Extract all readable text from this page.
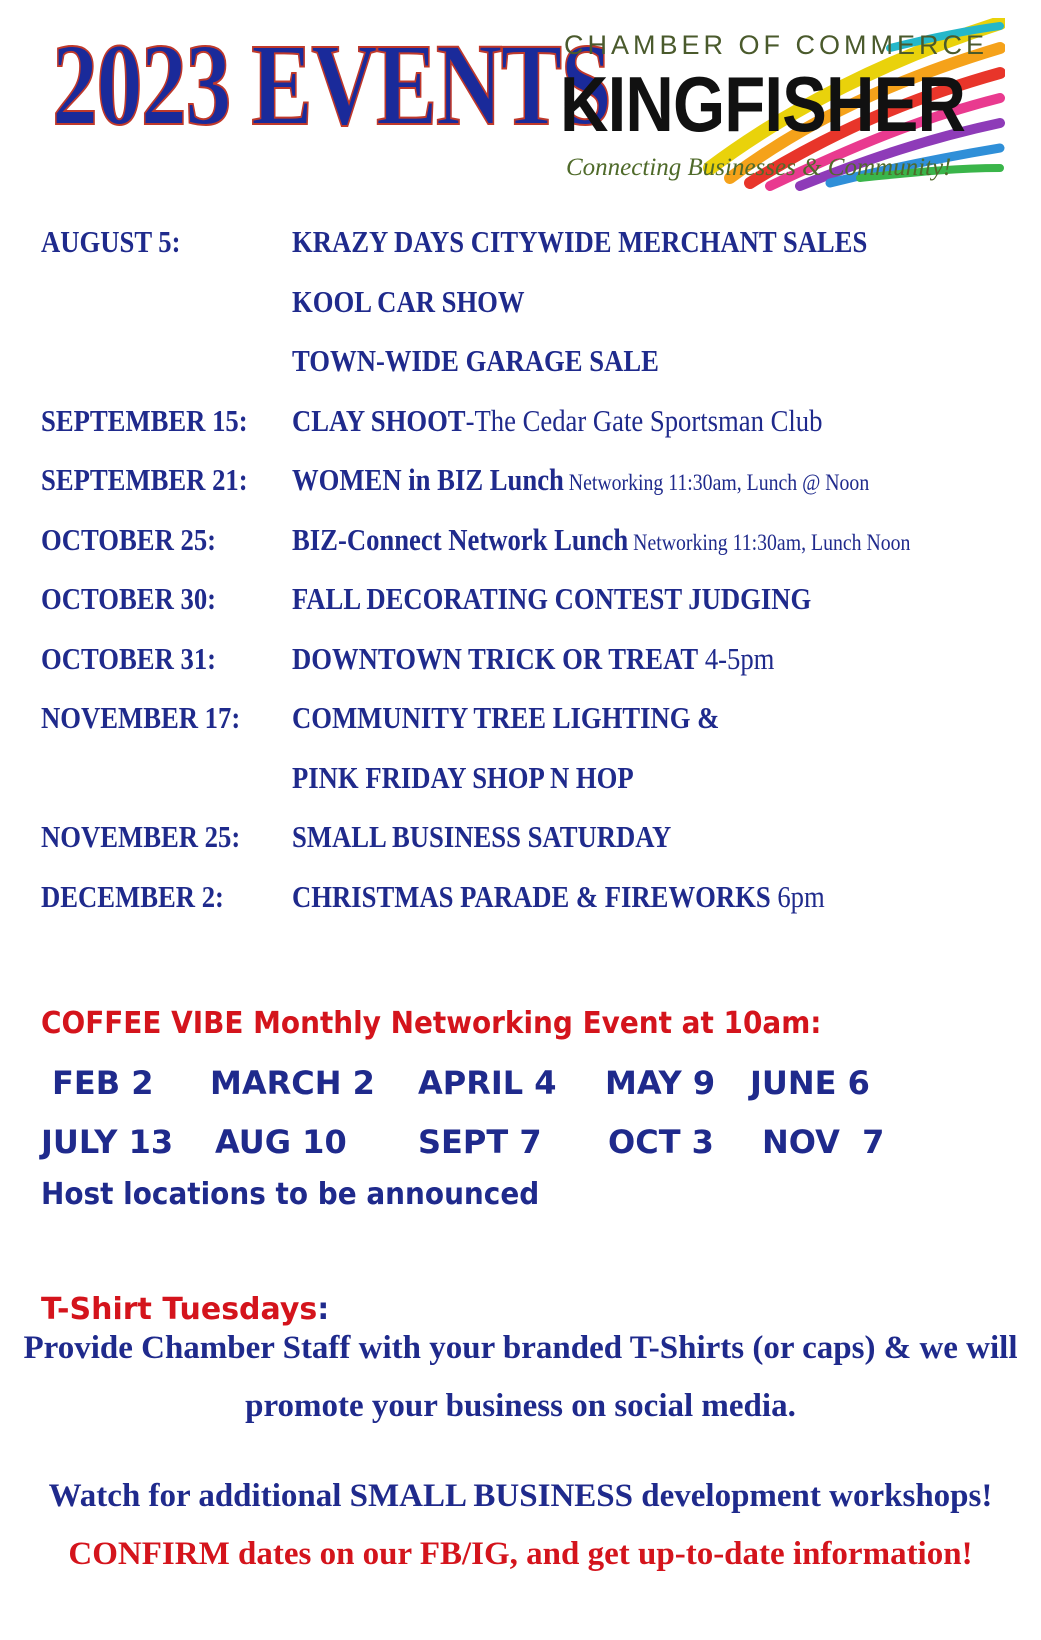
2023 EVENTS
CHAMBER OF COMMERCE
KINGFISHER
Connecting Businesses & Community!
AUGUST 5:	KRAZY DAYS CITYWIDE MERCHANT SALES
KOOL CAR SHOW
TOWN-WIDE GARAGE SALE
SEPTEMBER 15: CLAY SHOOT-The Cedar Gate Sportsman Club
SEPTEMBER 21: WOMEN in BIZ Lunch Networking 11:30am, Lunch @ Noon
OCTOBER 25: BIZ-Connect Network Lunch Networking 11:30am, Lunch Noon
OCTOBER 30: FALL DECORATING CONTEST JUDGING
OCTOBER 31: DOWNTOWN TRICK OR TREAT 4-5pm
NOVEMBER 17: COMMUNITY TREE LIGHTING &
PINK FRIDAY SHOP N HOP
NOVEMBER 25: SMALL BUSINESS SATURDAY
DECEMBER 2: CHRISTMAS PARADE & FIREWORKS 6pm
COFFEE VIBE Monthly Networking Event at 10am:
FEB 2 MARCH 2 APRIL 4 MAY 9 JUNE 6
JULY 13 AUG 10 SEPT 7 OCT 3 NOV  7
Host locations to be announced
T-Shirt Tuesdays:
Provide Chamber Staff with your branded T-Shirts (or caps) & we will
promote your business on social media.
Watch for additional SMALL BUSINESS development workshops!
CONFIRM dates on our FB/IG, and get up-to-date information!
